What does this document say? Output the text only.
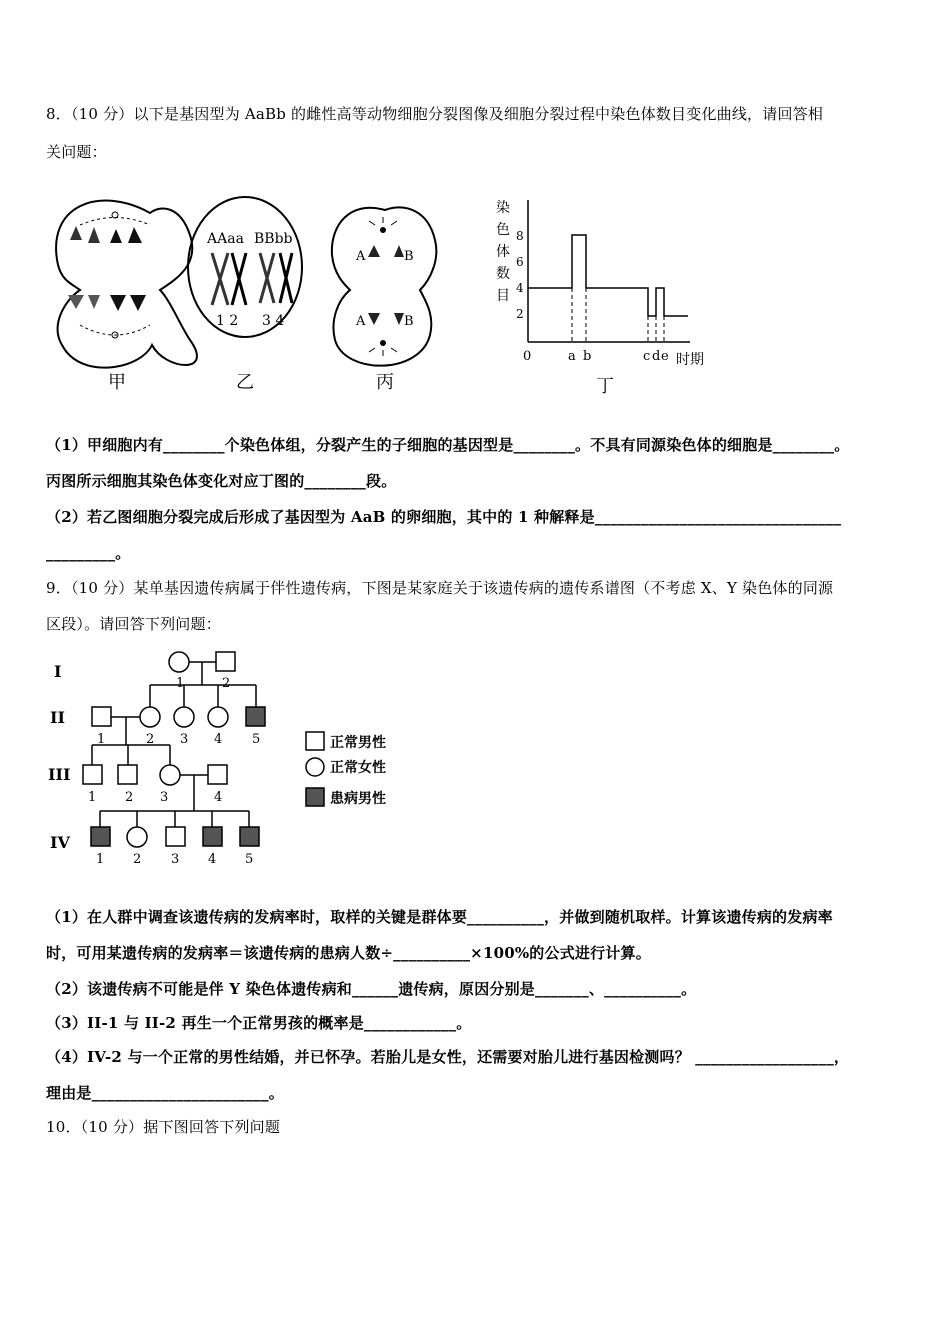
8．（10 分）以下是基因型为 AaBb 的雌性高等动物细胞分裂图像及细胞分裂过程中染色体数目变化曲线，请回答相
关问题：
甲
AAaa BBbb
1 2 3 4
乙
A	B
A	B
丙
染
色
体
数
目
8
6
4
2
0	a b	c d e 时期
丁
（1）甲细胞内有________个染色体组，分裂产生的子细胞的基因型是________。不具有同源染色体的细胞是________。
丙图所示细胞其染色体变化对应丁图的________段。
（2）若乙图细胞分裂完成后形成了基因型为 AaB 的卵细胞，其中的 1 种解释是________________________________
_________。
9．（10 分）某单基因遗传病属于伴性遗传病，下图是某家庭关于该遗传病的遗传系谱图（不考虑 X、Y 染色体的同源
区段）。请回答下列问题：
I
II
III
IV
1	2
1	2 3 4 5
1 2 3	4
1 2 3 4 5
正常男性
正常女性
患病男性
（1）在人群中调查该遗传病的发病率时，取样的关键是群体要__________，并做到随机取样。计算该遗传病的发病率
时，可用某遗传病的发病率＝该遗传病的患病人数÷__________×100%的公式进行计算。
（2）该遗传病不可能是伴 Y 染色体遗传病和______遗传病，原因分别是_______、__________。
（3）II-1 与 II-2 再生一个正常男孩的概率是____________。
（4）IV-2 与一个正常的男性结婚，并已怀孕。若胎儿是女性，还需要对胎儿进行基因检测吗？ __________________，
理由是_______________________。
10．（10 分）据下图回答下列问题
